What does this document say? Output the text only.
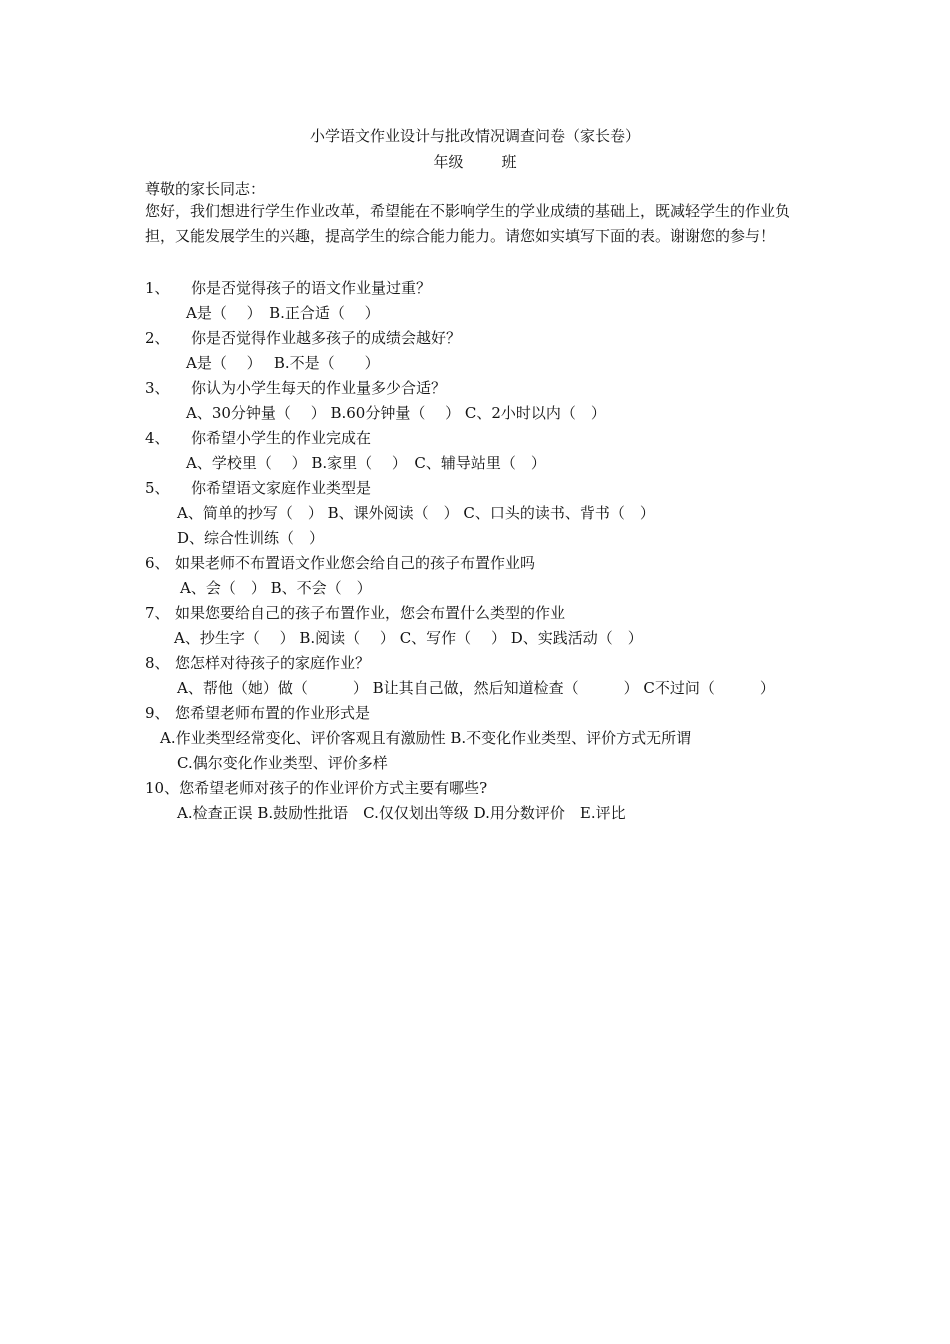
小学语文作业设计与批改情况调查问卷（家长卷）
年级	班
尊敬的家长同志：
您好，我们想进行学生作业改革，希望能在不影响学生的学业成绩的基础上，既减轻学生的作业负担，又能发展学生的兴趣，提高学生的综合能力能力。请您如实填写下面的表。谢谢您的参与！
1、 你是否觉得孩子的语文作业量过重？
A是（　 ）　B.正合适（　 ）
2、 你是否觉得作业越多孩子的成绩会越好？
A是（　 ）　 B.不是（　　）
3、 你认为小学生每天的作业量多少合适？
A、30分钟量（　 ） B.60分钟量（　 ） C、2小时以内（　）
4、 你希望小学生的作业完成在
A、学校里（　 ） B.家里（　 ）　C、辅导站里（　）
5、 你希望语文家庭作业类型是
A、简单的抄写（　） B、课外阅读（　） C、口头的读书、背书（　）
D、综合性训练（　）
6、 如果老师不布置语文作业您会给自己的孩子布置作业吗
A、会（　） B、不会（　）
7、 如果您要给自己的孩子布置作业，您会布置什么类型的作业
A、抄生字（　 ） B.阅读（　 ） C、写作（　 ） D、实践活动（　）
8、 您怎样对待孩子的家庭作业？
A、帮他（她）做（　　　） B让其自己做，然后知道检查（　　　） C不过问（　　　）
9、 您希望老师布置的作业形式是
A.作业类型经常变化、评价客观且有激励性 B.不变化作业类型、评价方式无所谓
C.偶尔变化作业类型、评价多样
10、您希望老师对孩子的作业评价方式主要有哪些?
A.检查正误 B.鼓励性批语　C.仅仅划出等级 D.用分数评价　E.评比
